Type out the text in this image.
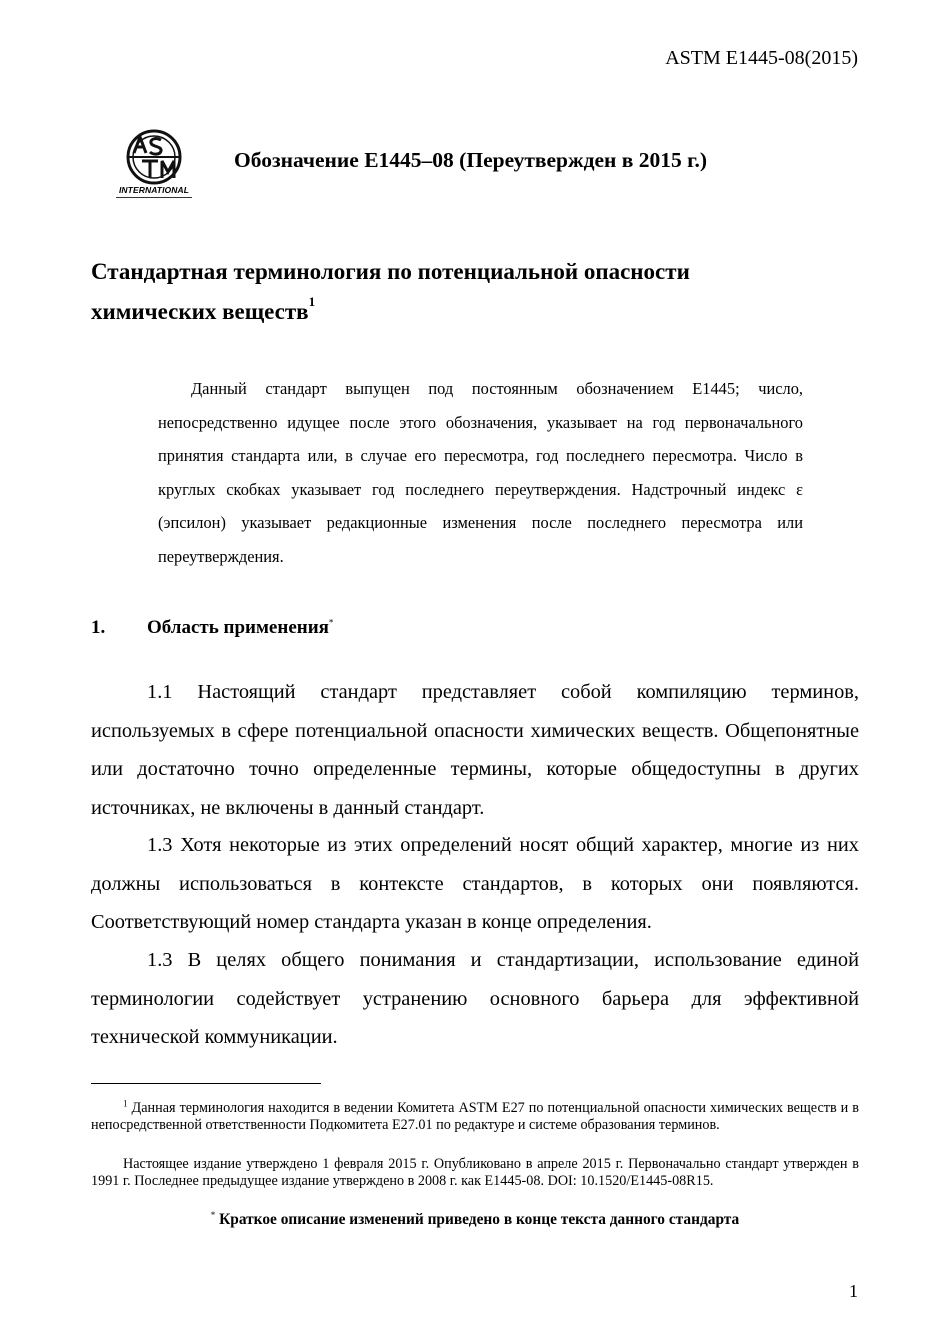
ASTM E1445-08(2015)
INTERNATIONAL
Обозначение E1445–08 (Переутвержден в 2015 г.)
Стандартная терминология по потенциальной опасности
химических веществ$^1$
Данный стандарт выпущен под постоянным обозначением E1445; число, непосредственно идущее после этого обозначения, указывает на год первоначального принятия стандарта или, в случае его пересмотра, год последнего пересмотра. Число в круглых скобках указывает год последнего переутверждения. Надстрочный индекс ε (эпсилон) указывает редакционные изменения после последнего пересмотра или переутверждения.
1. Область применения*
1.1 Настоящий стандарт представляет собой компиляцию терминов, используемых в сфере потенциальной опасности химических веществ. Общепонятные или достаточно точно определенные термины, которые общедоступны в других источниках, не включены в данный стандарт.
1.3 Хотя некоторые из этих определений носят общий характер, многие из них должны использоваться в контексте стандартов, в которых они появляются. Соответствующий номер стандарта указан в конце определения.
1.3 В целях общего понимания и стандартизации, использование единой терминологии содействует устранению основного барьера для эффективной технической коммуникации.
$^1$ Данная терминология находится в ведении Комитета ASTM E27 по потенциальной опасности химических веществ и в непосредственной ответственности Подкомитета E27.01 по редактуре и системе образования терминов.
Настоящее издание утверждено 1 февраля 2015 г. Опубликовано в апреле 2015 г. Первоначально стандарт утвержден в 1991 г. Последнее предыдущее издание утверждено в 2008 г. как E1445-08. DOI: 10.1520/E1445-08R15.
* Краткое описание изменений приведено в конце текста данного стандарта
1
